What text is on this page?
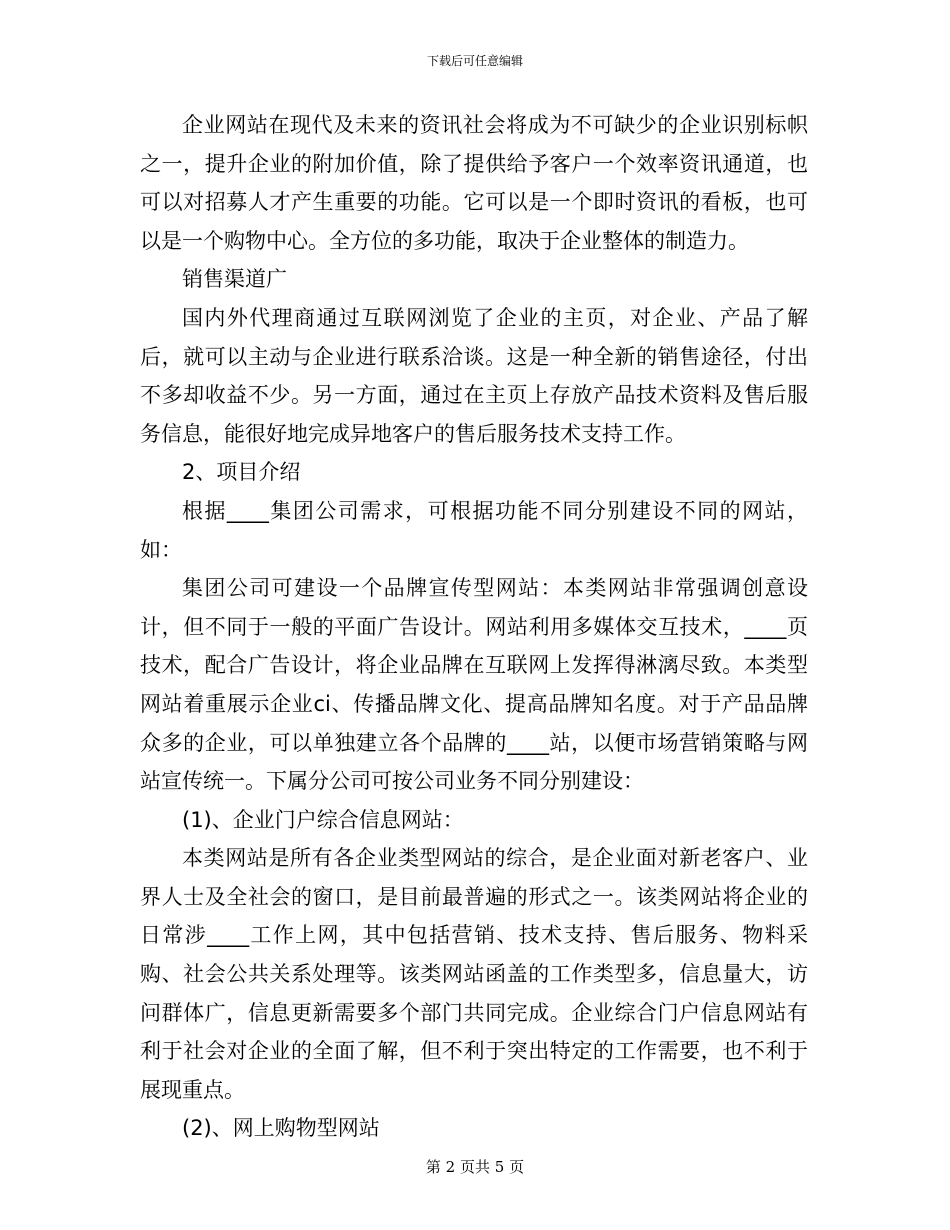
下载后可任意编辑

企业网站在现代及未来的资讯社会将成为不可缺少的企业识别标帜之一，提升企业的附加价值，除了提供给予客户一个效率资讯通道，也可以对招募人才产生重要的功能。它可以是一个即时资讯的看板，也可以是一个购物中心。全方位的多功能，取决于企业整体的制造力。

销售渠道广

国内外代理商通过互联网浏览了企业的主页，对企业、产品了解后，就可以主动与企业进行联系洽谈。这是一种全新的销售途径，付出不多却收益不少。另一方面，通过在主页上存放产品技术资料及售后服务信息，能很好地完成异地客户的售后服务技术支持工作。

2、项目介绍

根据____集团公司需求，可根据功能不同分别建设不同的网站，如：

集团公司可建设一个品牌宣传型网站：本类网站非常强调创意设计，但不同于一般的平面广告设计。网站利用多媒体交互技术，____页技术，配合广告设计，将企业品牌在互联网上发挥得淋漓尽致。本类型网站着重展示企业ci、传播品牌文化、提高品牌知名度。对于产品品牌众多的企业，可以单独建立各个品牌的____站，以便市场营销策略与网站宣传统一。下属分公司可按公司业务不同分别建设：

(1)、企业门户综合信息网站：

本类网站是所有各企业类型网站的综合，是企业面对新老客户、业界人士及全社会的窗口，是目前最普遍的形式之一。该类网站将企业的日常涉____工作上网，其中包括营销、技术支持、售后服务、物料采购、社会公共关系处理等。该类网站函盖的工作类型多，信息量大，访问群体广，信息更新需要多个部门共同完成。企业综合门户信息网站有利于社会对企业的全面了解，但不利于突出特定的工作需要，也不利于展现重点。

(2)、网上购物型网站

第 2 页共 5 页
